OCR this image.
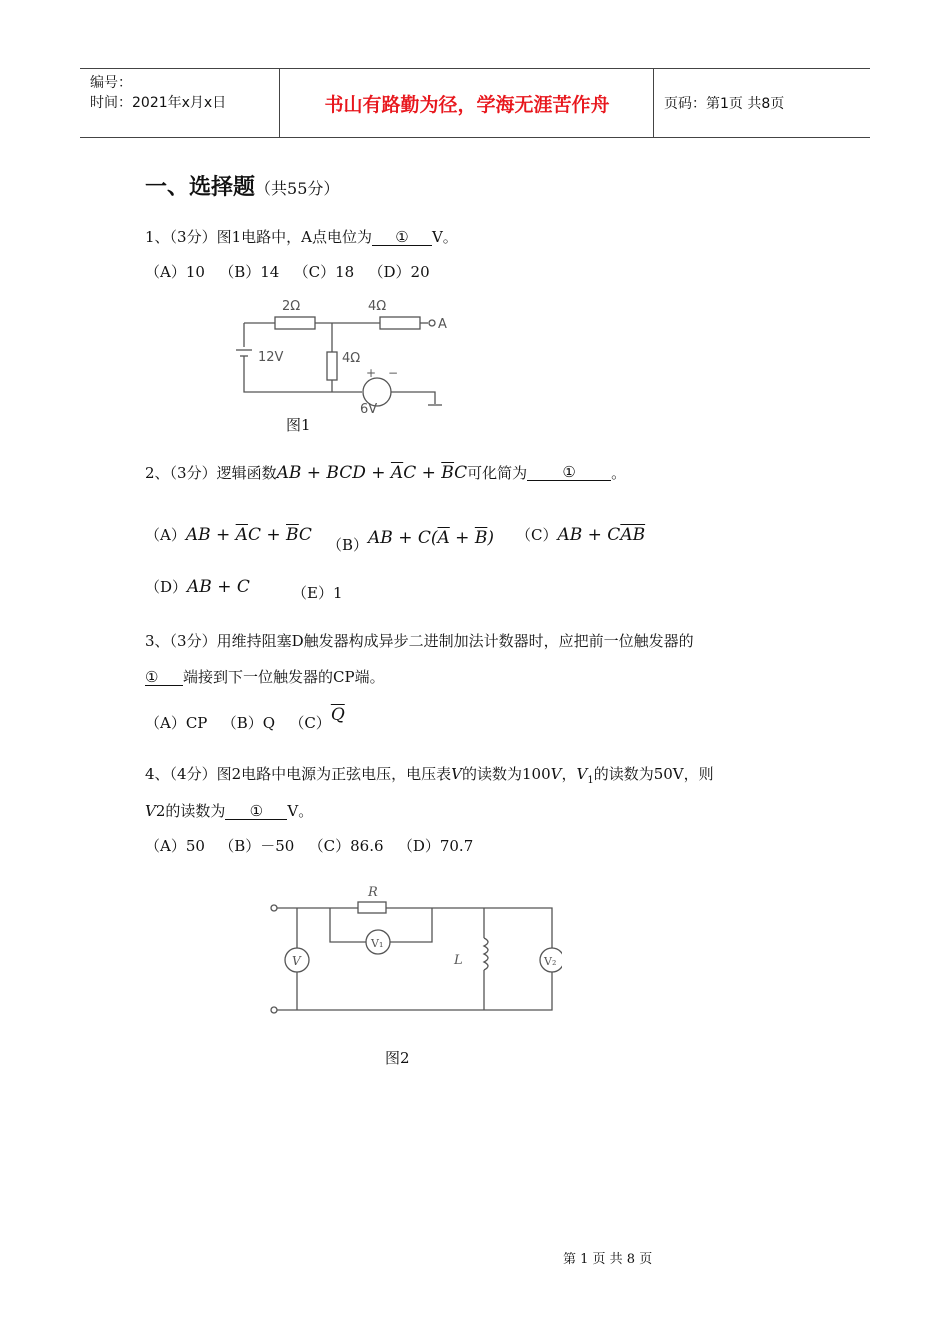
编号：
时间：2021年x月x日	书山有路勤为径，学海无涯苦作舟	页码：第1页 共8页
一、选择题（共55分）
1、（3分）图1电路中，A点电位为 ① V。
（A）10   （B）14   （C）18   （D）20
2Ω	4Ω
4Ω
12V
6V
+ −
A
图1
2、（3分）逻辑函数 AB + BCD + $\overline{A}C + \overline{B}C$ 可化简为	①	。
（A） AB + $\overline{A}C + \overline{B}C$
（B） AB + $C(\overline{A} + \overline{B})$ （C） AB + $C\overline{AB}$
（D） AB + C	（E）1
3、（3分）用维持阻塞D触发器构成异步二进制加法计数器时，应把前一位触发器的
① 端接到下一位触发器的CP端。
（A）CP   （B）Q   $(C)\overline{Q}$
4、（4分）图2电路中电源为正弦电压，电压表V的读数为100V，$V_1$的读数为50V，则
V2的读数为 ① V。
（A）50   （B）－50   （C）86.6   （D）70.7
R
L
V
V₁
V₂
图2
第 1 页 共 8 页
